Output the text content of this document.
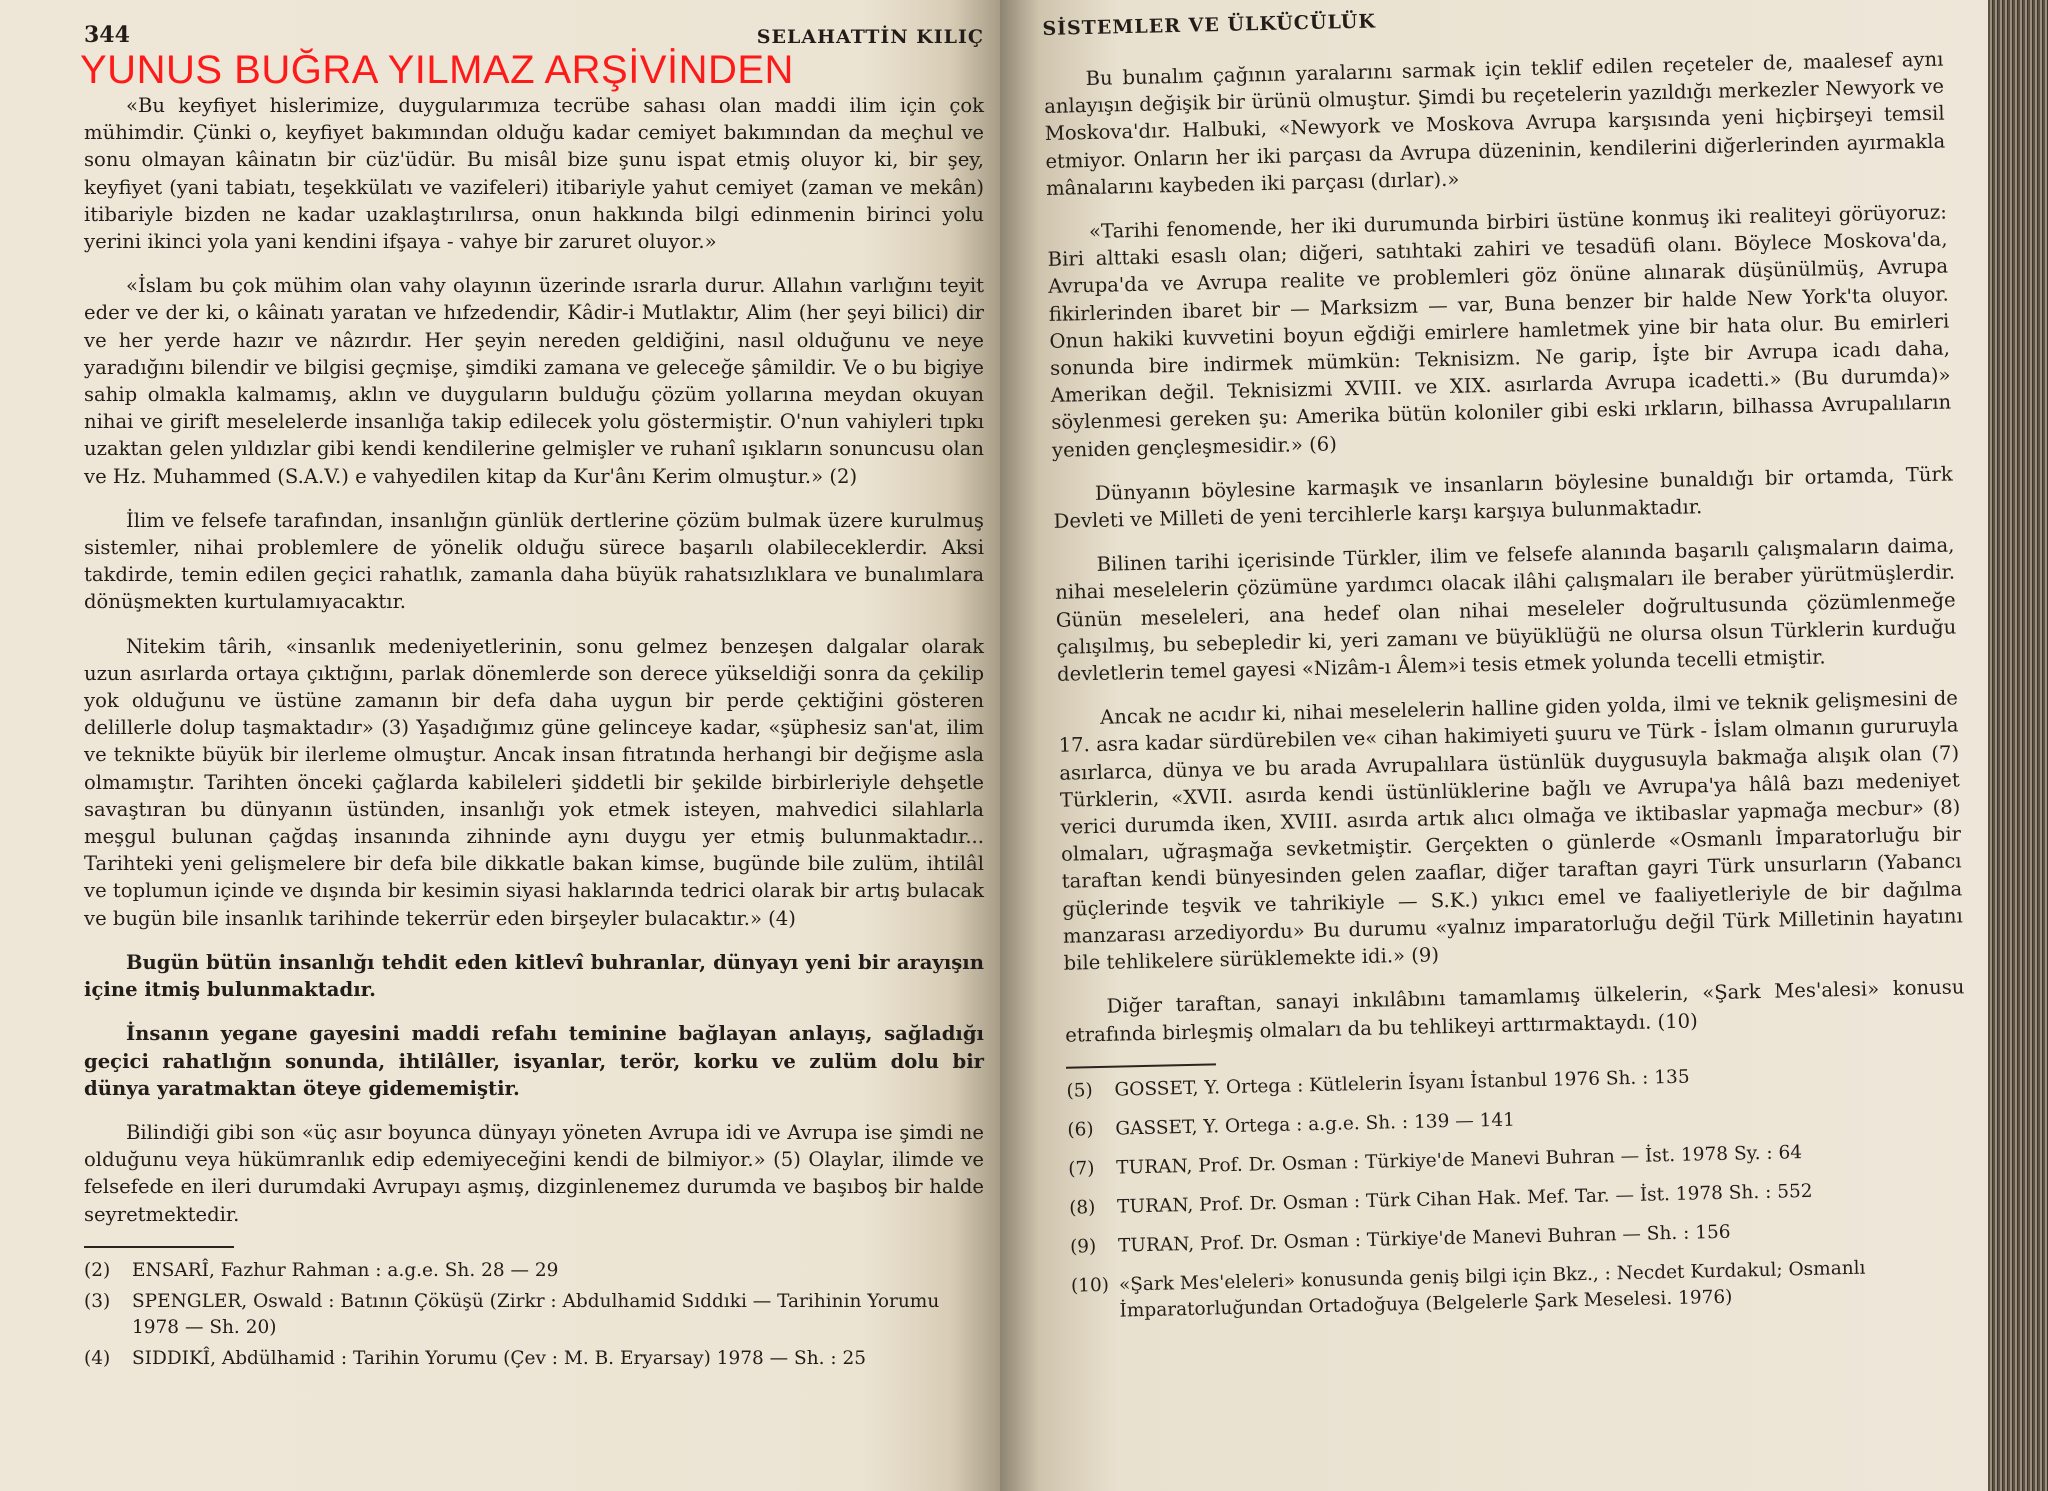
344	SELAHATTİN KILIÇ

«Bu keyfiyet hislerimize, duygularımıza tecrübe sahası olan maddi ilim için çok mühimdir. Çünki o, keyfiyet bakımından olduğu kadar cemiyet bakımından da meçhul ve sonu olmayan kâinatın bir cüz'üdür. Bu misâl bize şunu ispat etmiş oluyor ki, bir şey, keyfiyet (yani tabiatı, teşekkülatı ve vazifeleri) itibariyle yahut cemiyet (zaman ve mekân) itibariyle bizden ne kadar uzaklaştırılırsa, onun hakkında bilgi edinmenin birinci yolu yerini ikinci yola yani kendini ifşaya - vahye bir zaruret oluyor.»

«İslam bu çok mühim olan vahy olayının üzerinde ısrarla durur. Allahın varlığını teyit eder ve der ki, o kâinatı yaratan ve hıfzedendir, Kâdir-i Mutlaktır, Alim (her şeyi bilici) dir ve her yerde hazır ve nâzırdır. Her şeyin nereden geldiğini, nasıl olduğunu ve neye yaradığını bilendir ve bilgisi geçmişe, şimdiki zamana ve geleceğe şâmildir. Ve o bu bigiye sahip olmakla kalmamış, aklın ve duyguların bulduğu çözüm yollarına meydan okuyan nihai ve girift meselelerde insanlığa takip edilecek yolu göstermiştir. O'nun vahiyleri tıpkı uzaktan gelen yıldızlar gibi kendi kendilerine gelmişler ve ruhanî ışıkların sonuncusu olan ve Hz. Muhammed (S.A.V.) e vahyedilen kitap da Kur'ânı Kerim olmuştur.» (2)

İlim ve felsefe tarafından, insanlığın günlük dertlerine çözüm bulmak üzere kurulmuş sistemler, nihai problemlere de yönelik olduğu sürece başarılı olabileceklerdir. Aksi takdirde, temin edilen geçici rahatlık, zamanla daha büyük rahatsızlıklara ve bunalımlara dönüşmekten kurtulamıyacaktır.

Nitekim târih, «insanlık medeniyetlerinin, sonu gelmez benzeşen dalgalar olarak uzun asırlarda ortaya çıktığını, parlak dönemlerde son derece yükseldiği sonra da çekilip yok olduğunu ve üstüne zamanın bir defa daha uygun bir perde çektiğini gösteren delillerle dolup taşmaktadır» (3) Yaşadığımız güne gelinceye kadar, «şüphesiz san'at, ilim ve teknikte büyük bir ilerleme olmuştur. Ancak insan fıtratında herhangi bir değişme asla olmamıştır. Tarihten önceki çağlarda kabileleri şiddetli bir şekilde birbirleriyle dehşetle savaştıran bu dünyanın üstünden, insanlığı yok etmek isteyen, mahvedici silahlarla meşgul bulunan çağdaş insanında zihninde aynı duygu yer etmiş bulunmaktadır... Tarihteki yeni gelişmelere bir defa bile dikkatle bakan kimse, bugünde bile zulüm, ihtilâl ve toplumun içinde ve dışında bir kesimin siyasi haklarında tedrici olarak bir artış bulacak ve bugün bile insanlık tarihinde tekerrür eden birşeyler bulacaktır.» (4)

Bugün bütün insanlığı tehdit eden kitlevî buhranlar, dünyayı yeni bir arayışın içine itmiş bulunmaktadır.

İnsanın yegane gayesini maddi refahı teminine bağlayan anlayış, sağladığı geçici rahatlığın sonunda, ihtilâller, isyanlar, terör, korku ve zulüm dolu bir dünya yaratmaktan öteye gidememiştir.

Bilindiği gibi son «üç asır boyunca dünyayı yöneten Avrupa idi ve Avrupa ise şimdi ne olduğunu veya hükümranlık edip edemiyeceğini kendi de bilmiyor.» (5) Olaylar, ilimde ve felsefede en ileri durumdaki Avrupayı aşmış, dizginlenemez durumda ve başıboş bir halde seyretmektedir.

(2)	ENSARÎ, Fazhur Rahman : a.g.e. Sh. 28 — 29
(3)	SPENGLER, Oswald : Batının Çöküşü (Zirkr : Abdulhamid Sıddıki — Tarihinin Yorumu 1978 — Sh. 20)
(4)	SIDDIKÎ, Abdülhamid : Tarihin Yorumu (Çev : M. B. Eryarsay) 1978 — Sh. : 25
YUNUS BUĞRA YILMAZ ARŞİVİNDEN
SİSTEMLER VE ÜLKÜCÜLÜK

Bu bunalım çağının yaralarını sarmak için teklif edilen reçeteler de, maalesef aynı anlayışın değişik bir ürünü olmuştur. Şimdi bu reçetelerin yazıldığı merkezler Newyork ve Moskova'dır. Halbuki, «Newyork ve Moskova Avrupa karşısında yeni hiçbirşeyi temsil etmiyor. Onların her iki parçası da Avrupa düzeninin, kendilerini diğerlerinden ayırmakla mânalarını kaybeden iki parçası (dırlar).»

«Tarihi fenomende, her iki durumunda birbiri üstüne konmuş iki realiteyi görüyoruz: Biri alttaki esaslı olan; diğeri, satıhtaki zahiri ve tesadüfi olanı. Böylece Moskova'da, Avrupa'da ve Avrupa realite ve problemleri göz önüne alınarak düşünülmüş, Avrupa fikirlerinden ibaret bir — Marksizm — var, Buna benzer bir halde New York'ta oluyor. Onun hakiki kuvvetini boyun eğdiği emirlere hamletmek yine bir hata olur. Bu emirleri sonunda bire indirmek mümkün: Teknisizm. Ne garip, İşte bir Avrupa icadı daha, Amerikan değil. Teknisizmi XVIII. ve XIX. asırlarda Avrupa icadetti.» (Bu durumda)» söylenmesi gereken şu: Amerika bütün koloniler gibi eski ırkların, bilhassa Avrupalıların yeniden gençleşmesidir.» (6)

Dünyanın böylesine karmaşık ve insanların böylesine bunaldığı bir ortamda, Türk Devleti ve Milleti de yeni tercihlerle karşı karşıya bulunmaktadır.

Bilinen tarihi içerisinde Türkler, ilim ve felsefe alanında başarılı çalışmaların daima, nihai meselelerin çözümüne yardımcı olacak ilâhi çalışmaları ile beraber yürütmüşlerdir. Günün meseleleri, ana hedef olan nihai meseleler doğrultusunda çözümlenmeğe çalışılmış, bu sebepledir ki, yeri zamanı ve büyüklüğü ne olursa olsun Türklerin kurduğu devletlerin temel gayesi «Nizâm-ı Âlem»i tesis etmek yolunda tecelli etmiştir.

Ancak ne acıdır ki, nihai meselelerin halline giden yolda, ilmi ve teknik gelişmesini de 17. asra kadar sürdürebilen ve« cihan hakimiyeti şuuru ve Türk - İslam olmanın gururuyla asırlarca, dünya ve bu arada Avrupalılara üstünlük duygusuyla bakmağa alışık olan (7) Türklerin, «XVII. asırda kendi üstünlüklerine bağlı ve Avrupa'ya hâlâ bazı medeniyet verici durumda iken, XVIII. asırda artık alıcı olmağa ve iktibaslar yapmağa mecbur» (8) olmaları, uğraşmağa sevketmiştir. Gerçekten o günlerde «Osmanlı İmparatorluğu bir taraftan kendi bünyesinden gelen zaaflar, diğer taraftan gayri Türk unsurların (Yabancı güçlerinde teşvik ve tahrikiyle — S.K.) yıkıcı emel ve faaliyetleriyle de bir dağılma manzarası arzediyordu» Bu durumu «yalnız imparatorluğu değil Türk Milletinin hayatını bile tehlikelere sürüklemekte idi.» (9)

Diğer taraftan, sanayi inkılâbını tamamlamış ülkelerin, «Şark Mes'alesi» konusu etrafında birleşmiş olmaları da bu tehlikeyi arttırmaktaydı. (10)

(5)	GOSSET, Y. Ortega : Kütlelerin İsyanı İstanbul 1976 Sh. : 135
(6)	GASSET, Y. Ortega : a.g.e. Sh. : 139 — 141
(7)	TURAN, Prof. Dr. Osman : Türkiye'de Manevi Buhran — İst. 1978 Sy. : 64
(8)	TURAN, Prof. Dr. Osman : Türk Cihan Hak. Mef. Tar. — İst. 1978 Sh. : 552
(9)	TURAN, Prof. Dr. Osman : Türkiye'de Manevi Buhran — Sh. : 156
(10) «Şark Mes'eleleri» konusunda geniş bilgi için Bkz., : Necdet Kurdakul; Osmanlı İmparatorluğundan Ortadoğuya (Belgelerle Şark Meselesi. 1976)
